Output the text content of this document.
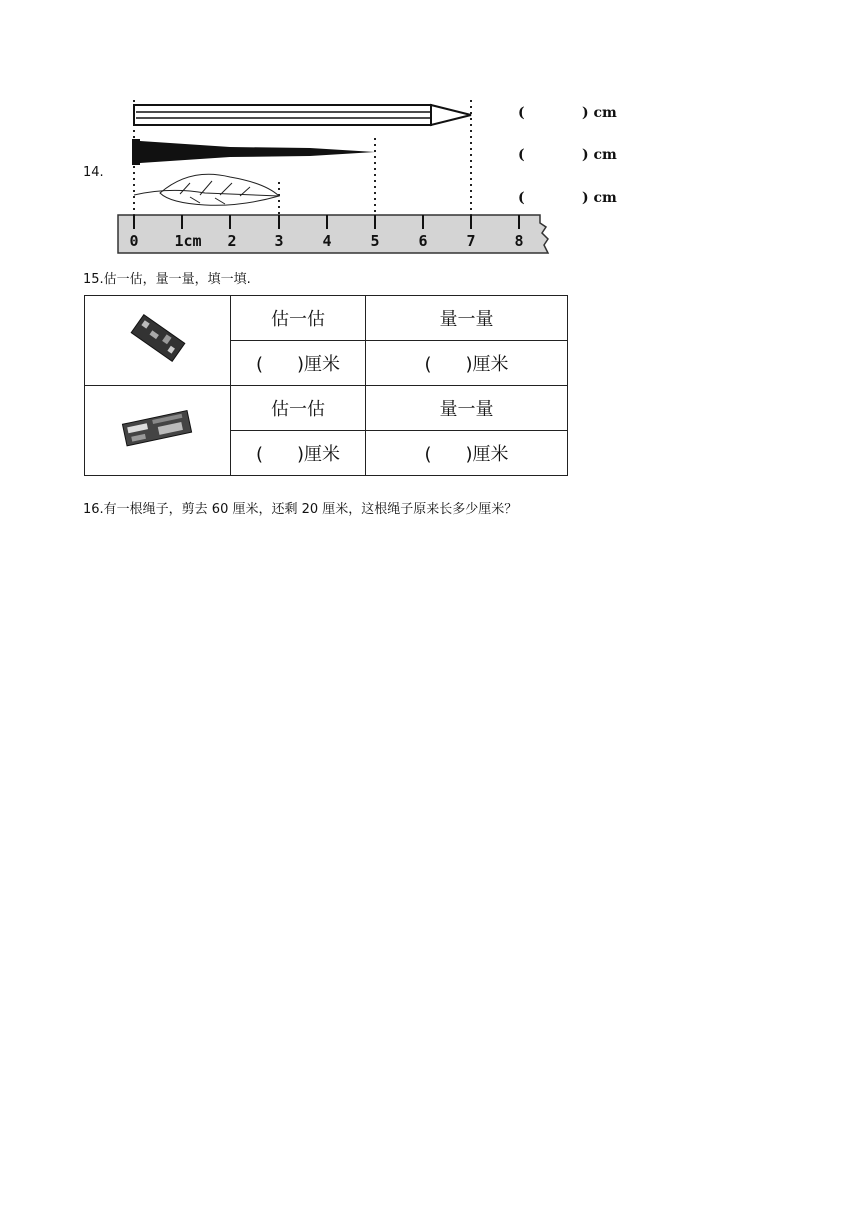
14.
0 1cm 2	3	4	5	6	7	8
(	) cm
(	) cm
(	) cm
15.估一估，量一量，填一填.
	估一估	量一量
	( )厘米	( )厘米
	估一估	量一量
	( )厘米	( )厘米
16.有一根绳子，剪去 60 厘米，还剩 20 厘米，这根绳子原来长多少厘米？
